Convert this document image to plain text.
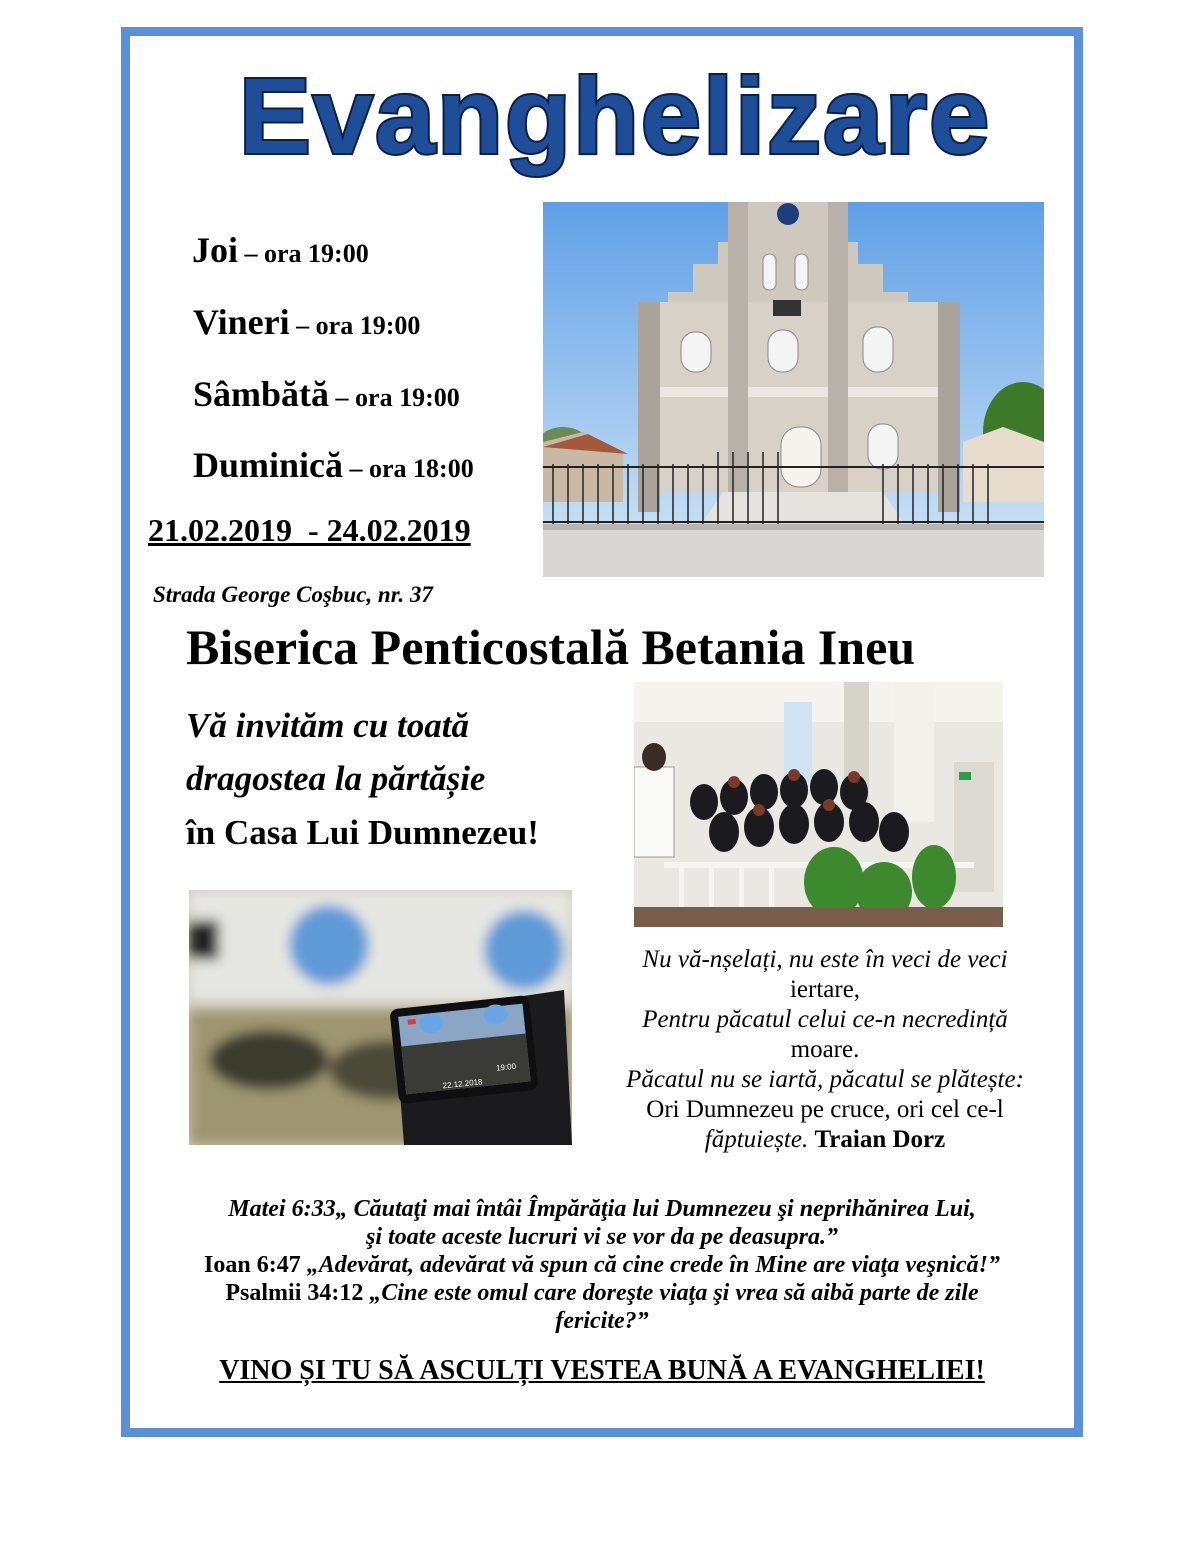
Evanghelizare
Joi – ora 19:00
Vineri – ora 19:00
Sâmbătă – ora 19:00
Duminică – ora 18:00
21.02.2019  - 24.02.2019
Strada George Coşbuc, nr. 37
Biserica Penticostală Betania Ineu
Vă invităm cu toată
dragostea la părtășie
în Casa Lui Dumnezeu!
22.12.2018
19:00
Nu vă-nșelați, nu este în veci de veci
iertare,
Pentru păcatul celui ce-n necredință
moare.
Păcatul nu se iartă, păcatul se plătește:
Ori Dumnezeu pe cruce, ori cel ce-l
făptuiește. Traian Dorz
Matei 6:33„ Căutaţi mai întâi Împărăţia lui Dumnezeu şi neprihănirea Lui,
şi toate aceste lucruri vi se vor da pe deasupra.”
Ioan 6:47 „Adevărat, adevărat vă spun că cine crede în Mine are viaţa veşnică!”
Psalmii 34:12 „Cine este omul care doreşte viaţa şi vrea să aibă parte de zile
fericite?”
VINO ȘI TU SĂ ASCULȚI VESTEA BUNĂ A EVANGHELIEI!
